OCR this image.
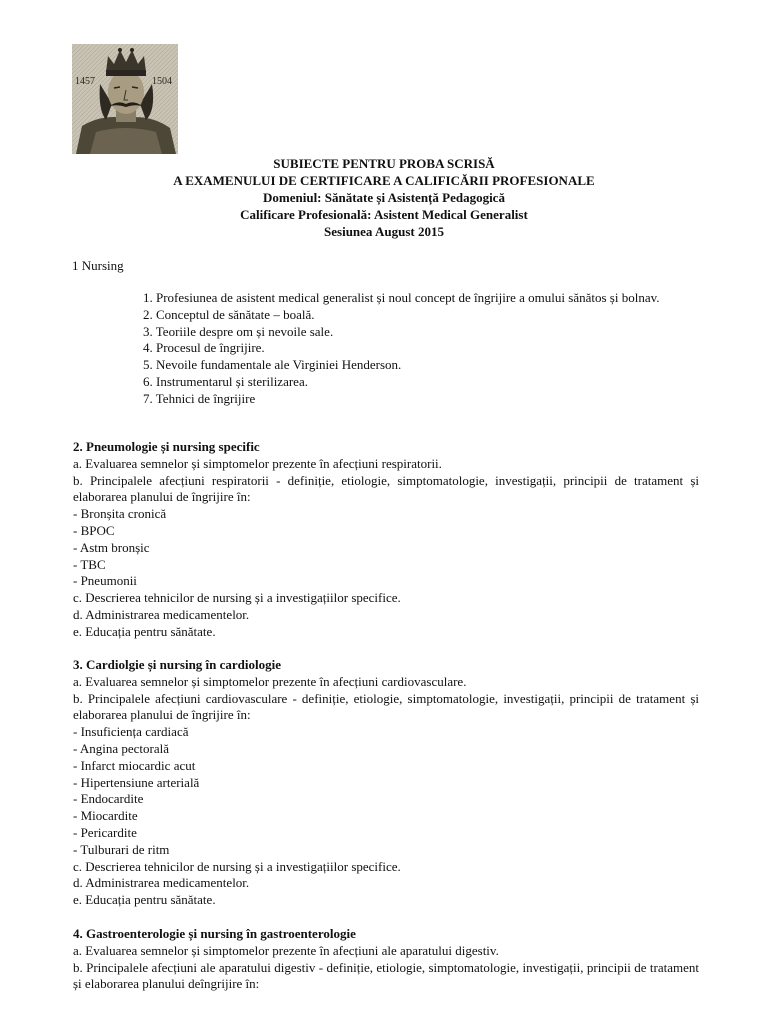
1457	1504
SUBIECTE PENTRU PROBA SCRISĂ
A EXAMENULUI DE CERTIFICARE A CALIFICĂRII PROFESIONALE
Domeniul: Sănătate și Asistență Pedagogică
Calificare Profesională: Asistent Medical Generalist
Sesiunea August 2015
1 Nursing
1. Profesiunea de asistent medical generalist și noul concept de îngrijire a omului sănătos și bolnav.
2. Conceptul de sănătate – boală.
3. Teoriile despre om și nevoile sale.
4. Procesul de îngrijire.
5. Nevoile fundamentale ale Virginiei Henderson.
6. Instrumentarul și sterilizarea.
7. Tehnici de îngrijire
2. Pneumologie și nursing specific
a. Evaluarea semnelor și simptomelor prezente în afecțiuni respiratorii.
b. Principalele afecțiuni respiratorii - definiție, etiologie, simptomatologie, investigații, principii de tratament și elaborarea planului de îngrijire în:
- Bronșita cronică
- BPOC
- Astm bronșic
- TBC
- Pneumonii
c. Descrierea tehnicilor de nursing și a investigațiilor specifice.
d. Administrarea medicamentelor.
e. Educația pentru sănătate.
3. Cardiolgie și nursing în cardiologie
a. Evaluarea semnelor și simptomelor prezente în afecțiuni cardiovasculare.
b. Principalele afecțiuni cardiovasculare - definiție, etiologie, simptomatologie, investigații, principii de tratament și elaborarea planului de îngrijire în:
- Insuficiența cardiacă
- Angina pectorală
- Infarct miocardic acut
- Hipertensiune arterială
- Endocardite
- Miocardite
- Pericardite
- Tulburari de ritm
c. Descrierea tehnicilor de nursing și a investigațiilor specifice.
d. Administrarea medicamentelor.
e. Educația pentru sănătate.
4. Gastroenterologie și nursing în gastroenterologie
a. Evaluarea semnelor și simptomelor prezente în afecțiuni ale aparatului digestiv.
b. Principalele afecțiuni ale aparatului digestiv - definiție, etiologie, simptomatologie, investigații, principii de tratament și elaborarea planului deîngrijire în:
